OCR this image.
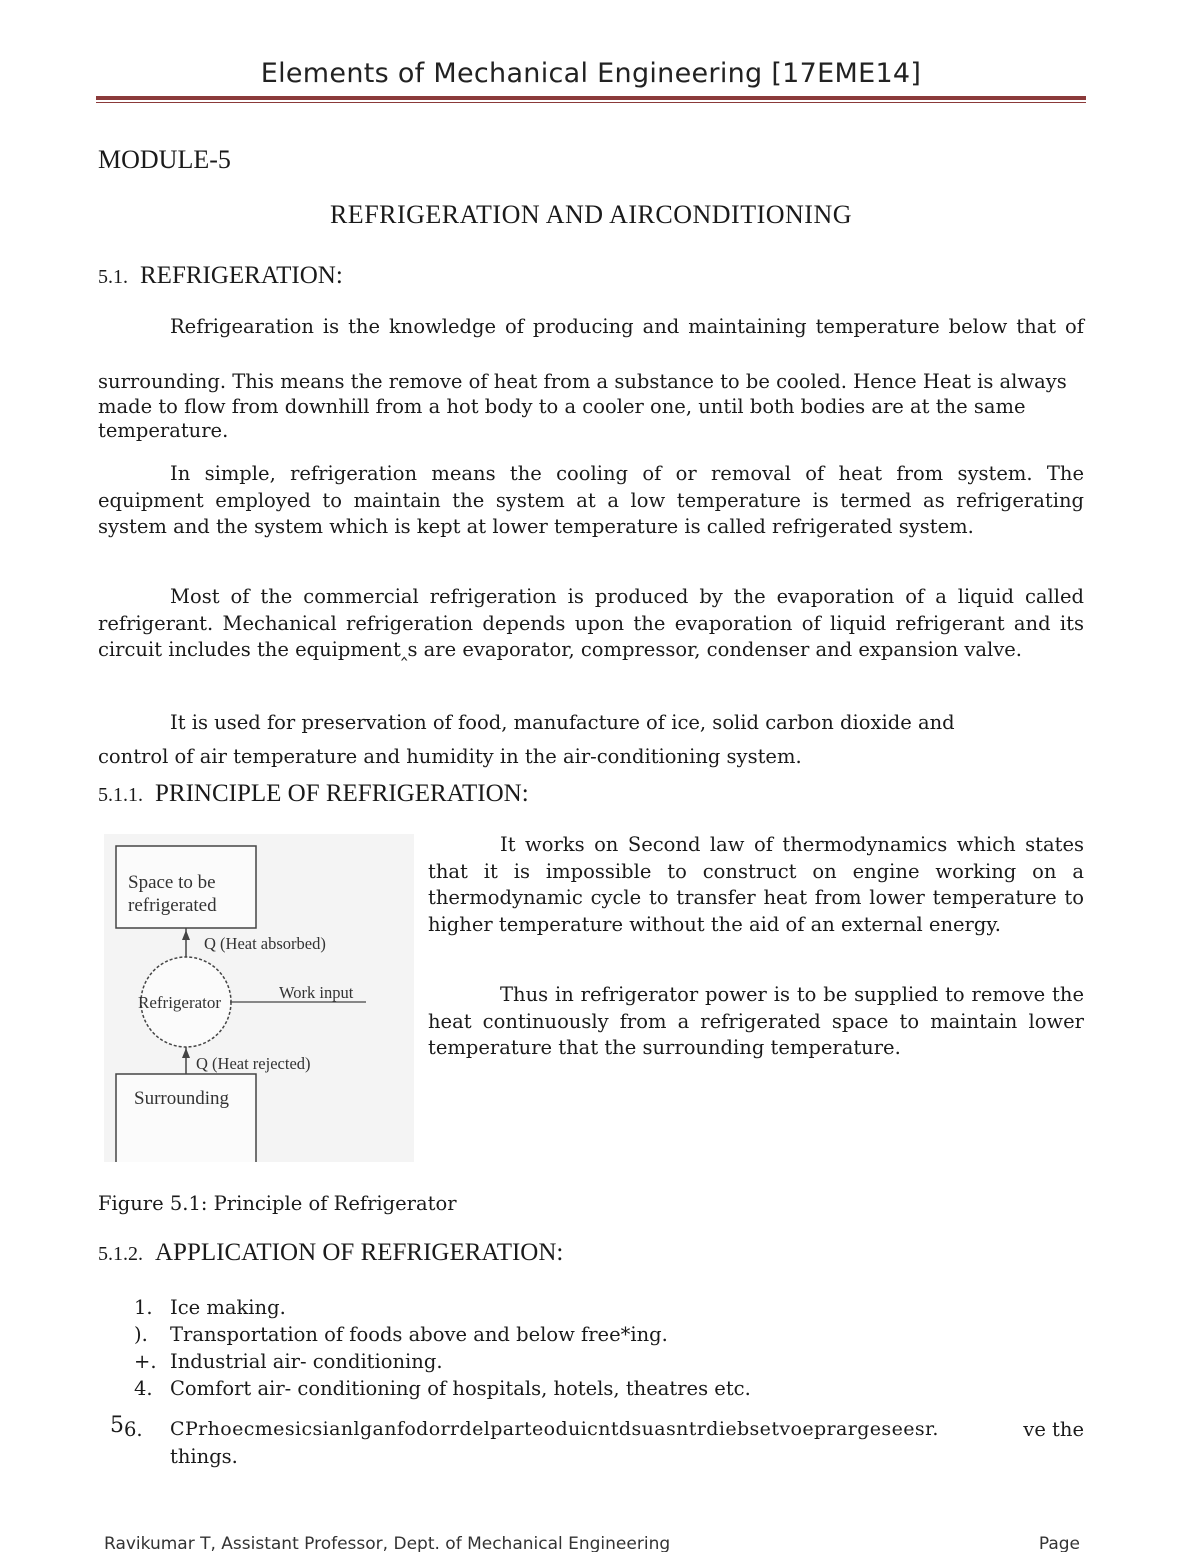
Elements of Mechanical Engineering [17EME14]
MODULE-5
REFRIGERATION AND AIRCONDITIONING
5.1. REFRIGERATION:

Refrigearation is the knowledge of producing and maintaining temperature below that of

surrounding. This means the remove of heat from a substance to be cooled. Hence Heat is always made to flow from downhill from a hot body to a cooler one, until both bodies are at the same temperature.

In simple, refrigeration means the cooling of or removal of heat from system. The equipment employed to maintain the system at a low temperature is termed as refrigerating system and the system which is kept at lower temperature is called refrigerated system.

Most of the commercial refrigeration is produced by the evaporation of a liquid called refrigerant. Mechanical refrigeration depends upon the evaporation of liquid refrigerant and its circuit includes the equipment‸s are evaporator, compressor, condenser and expansion valve.

It is used for preservation of food, manufacture of ice, solid carbon dioxide and
control of air temperature and humidity in the air-conditioning system.

5.1.1. PRINCIPLE OF REFRIGERATION:
Space to be
refrigerated
Q (Heat absorbed)
Refrigerator
Work input
Q (Heat rejected)
Surrounding

It works on Second law of thermodynamics which states that it is impossible to construct on engine working on a thermodynamic cycle to transfer heat from lower temperature to higher temperature without the aid of an external energy.

Thus in refrigerator power is to be supplied to remove the heat continuously from a refrigerated space to maintain lower temperature that the surrounding temperature.

Figure 5.1: Principle of Refrigerator
5.1.2. APPLICATION OF REFRIGERATION:
1. Ice making.
).	Transportation of foods above and below free*ing.
+. Industrial air- conditioning.
4. Comfort air- conditioning of hospitals, hotels, theatres etc.
56. CPrhoecmesicsianlganfodorrdelparteoduicntdsuasntrdiebsetvoeprargeseesr.
things.
ve the
Ravikumar T, Assistant Professor, Dept. of Mechanical Engineering	Page
